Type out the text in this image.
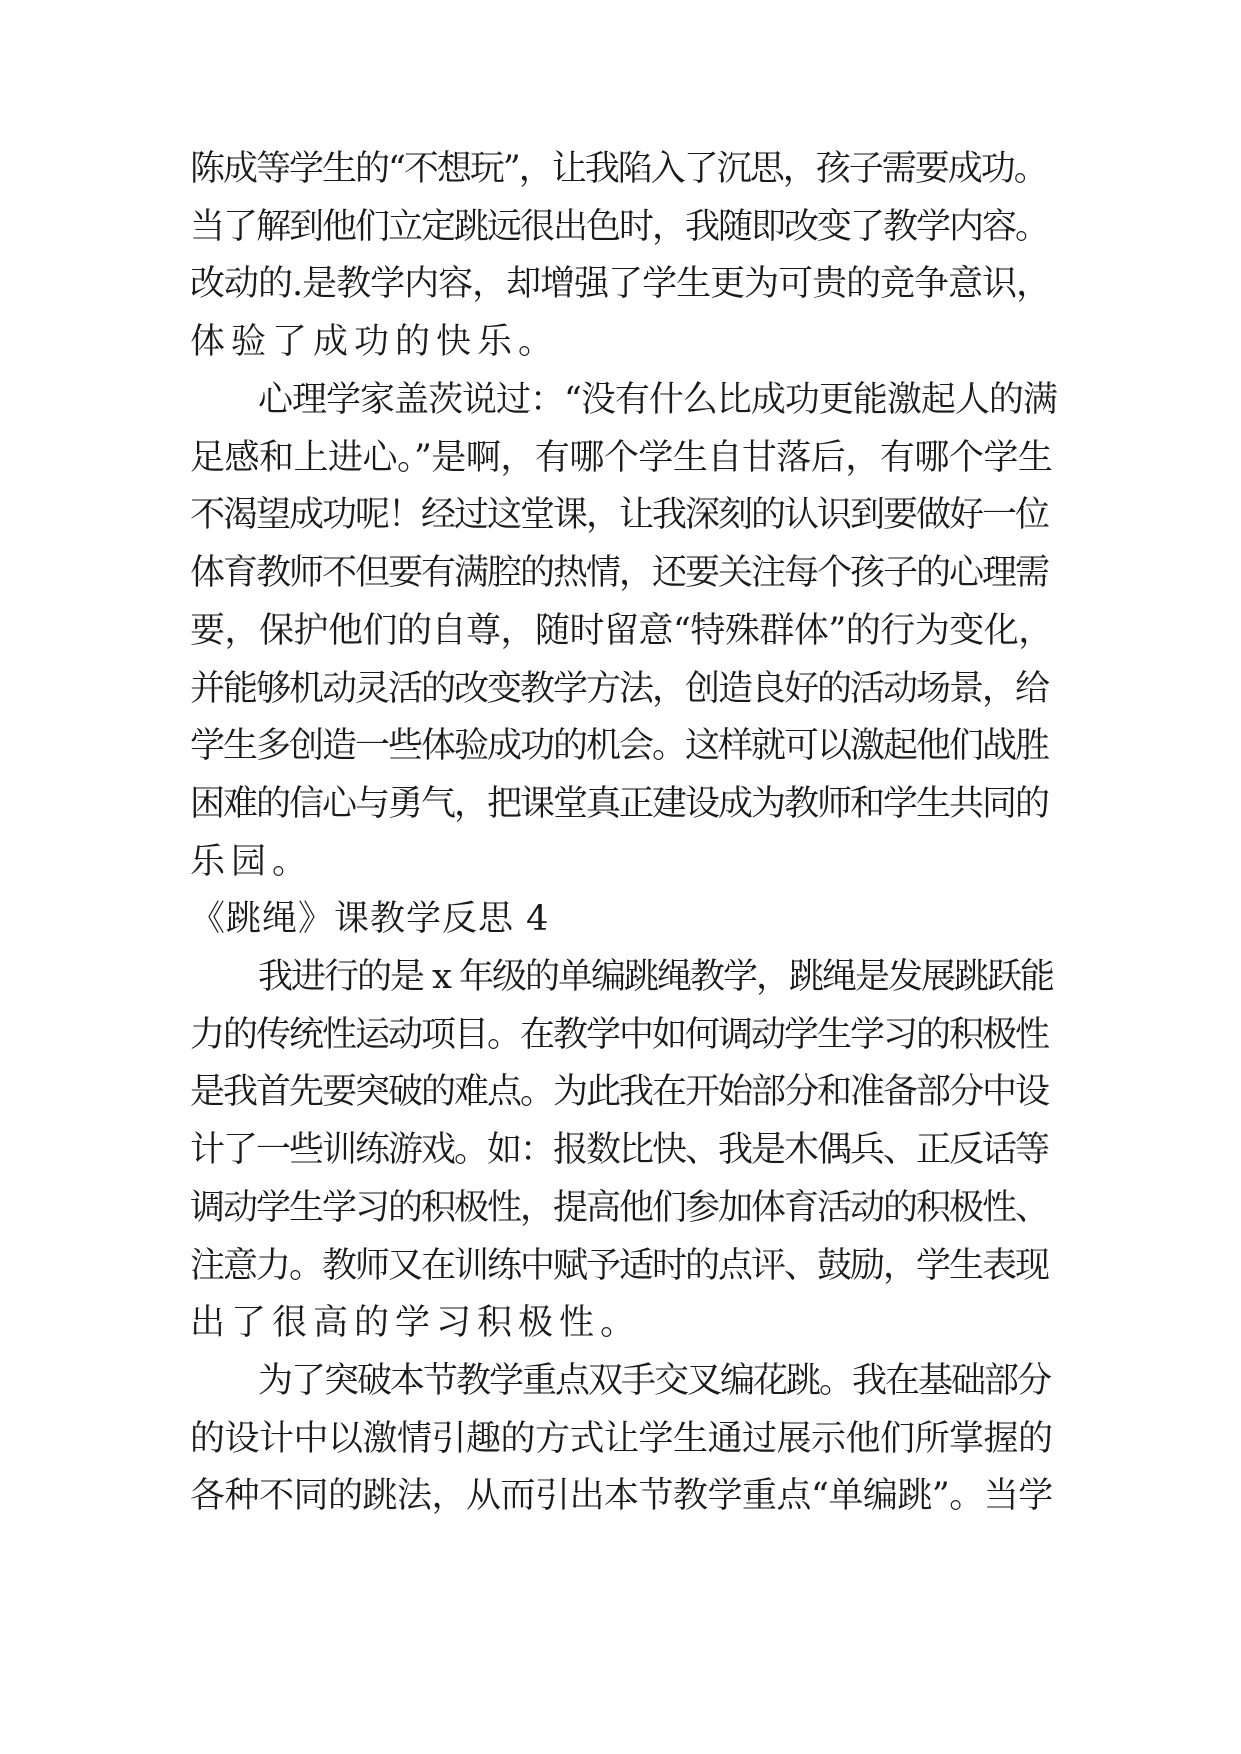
陈成等学生的“不想玩”，让我陷入了沉思，孩子需要成功。
当了解到他们立定跳远很出色时，我随即改变了教学内容。
改动的.是教学内容，却增强了学生更为可贵的竞争意识，
体验了成功的快乐。
心理学家盖茨说过：“没有什么比成功更能激起人的满
足感和上进心。”是啊，有哪个学生自甘落后，有哪个学生
不渴望成功呢！经过这堂课，让我深刻的认识到要做好一位
体育教师不但要有满腔的热情，还要关注每个孩子的心理需
要，保护他们的自尊，随时留意“特殊群体”的行为变化，
并能够机动灵活的改变教学方法，创造良好的活动场景，给
学生多创造一些体验成功的机会。这样就可以激起他们战胜
困难的信心与勇气，把课堂真正建设成为教师和学生共同的
乐园。
《跳绳》课教学反思 4
我进行的是 x 年级的单编跳绳教学，跳绳是发展跳跃能
力的传统性运动项目。在教学中如何调动学生学习的积极性
是我首先要突破的难点。为此我在开始部分和准备部分中设
计了一些训练游戏。如：报数比快、我是木偶兵、正反话等
调动学生学习的积极性，提高他们参加体育活动的积极性、
注意力。教师又在训练中赋予适时的点评、鼓励，学生表现
出了很高的学习积极性。
为了突破本节教学重点双手交叉编花跳。我在基础部分
的设计中以激情引趣的方式让学生通过展示他们所掌握的
各种不同的跳法，从而引出本节教学重点“单编跳”。当学
